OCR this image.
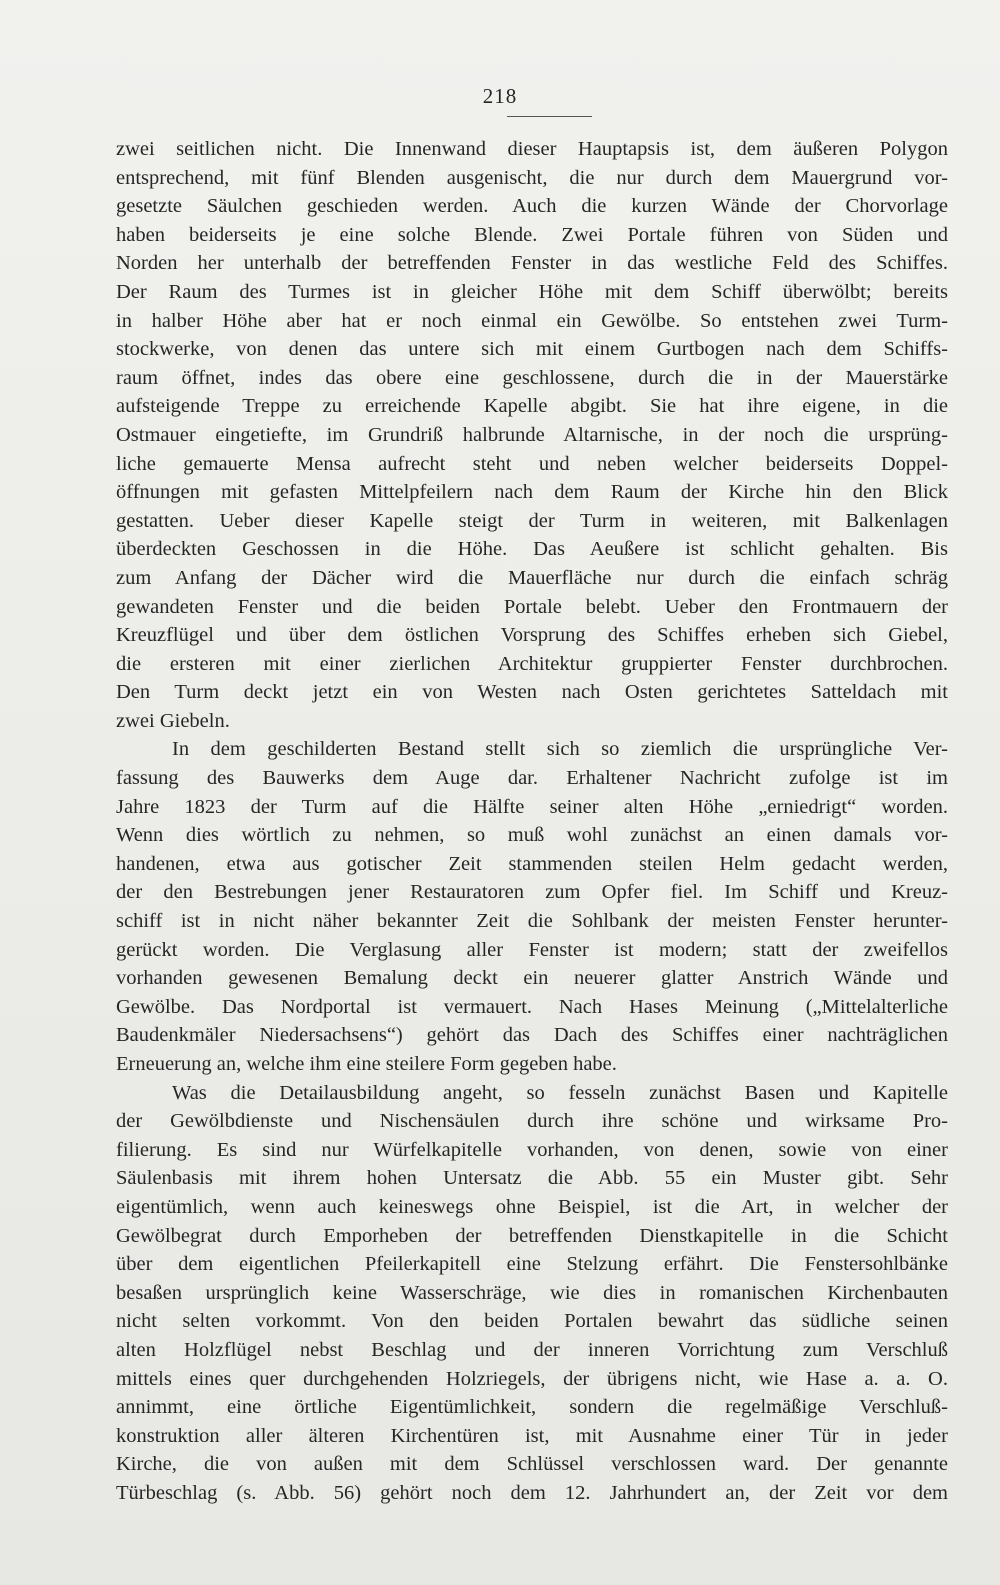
218
zwei seitlichen nicht. Die Innenwand dieser Hauptapsis ist, dem äußeren Polygon
entsprechend, mit fünf Blenden ausgenischt, die nur durch dem Mauergrund vor-
gesetzte Säulchen geschieden werden. Auch die kurzen Wände der Chorvorlage
haben beiderseits je eine solche Blende. Zwei Portale führen von Süden und
Norden her unterhalb der betreffenden Fenster in das westliche Feld des Schiffes.
Der Raum des Turmes ist in gleicher Höhe mit dem Schiff überwölbt; bereits
in halber Höhe aber hat er noch einmal ein Gewölbe. So entstehen zwei Turm-
stockwerke, von denen das untere sich mit einem Gurtbogen nach dem Schiffs-
raum öffnet, indes das obere eine geschlossene, durch die in der Mauerstärke
aufsteigende Treppe zu erreichende Kapelle abgibt. Sie hat ihre eigene, in die
Ostmauer eingetiefte, im Grundriß halbrunde Altarnische, in der noch die ursprüng-
liche gemauerte Mensa aufrecht steht und neben welcher beiderseits Doppel-
öffnungen mit gefasten Mittelpfeilern nach dem Raum der Kirche hin den Blick
gestatten. Ueber dieser Kapelle steigt der Turm in weiteren, mit Balkenlagen
überdeckten Geschossen in die Höhe. Das Aeußere ist schlicht gehalten. Bis
zum Anfang der Dächer wird die Mauerfläche nur durch die einfach schräg
gewandeten Fenster und die beiden Portale belebt. Ueber den Frontmauern der
Kreuzflügel und über dem östlichen Vorsprung des Schiffes erheben sich Giebel,
die ersteren mit einer zierlichen Architektur gruppierter Fenster durchbrochen.
Den Turm deckt jetzt ein von Westen nach Osten gerichtetes Satteldach mit
zwei Giebeln.
In dem geschilderten Bestand stellt sich so ziemlich die ursprüngliche Ver-
fassung des Bauwerks dem Auge dar. Erhaltener Nachricht zufolge ist im
Jahre 1823 der Turm auf die Hälfte seiner alten Höhe „erniedrigt“ worden.
Wenn dies wörtlich zu nehmen, so muß wohl zunächst an einen damals vor-
handenen, etwa aus gotischer Zeit stammenden steilen Helm gedacht werden,
der den Bestrebungen jener Restauratoren zum Opfer fiel. Im Schiff und Kreuz-
schiff ist in nicht näher bekannter Zeit die Sohlbank der meisten Fenster herunter-
gerückt worden. Die Verglasung aller Fenster ist modern; statt der zweifellos
vorhanden gewesenen Bemalung deckt ein neuerer glatter Anstrich Wände und
Gewölbe. Das Nordportal ist vermauert. Nach Hases Meinung („Mittelalterliche
Baudenkmäler Niedersachsens“) gehört das Dach des Schiffes einer nachträglichen
Erneuerung an, welche ihm eine steilere Form gegeben habe.
Was die Detailausbildung angeht, so fesseln zunächst Basen und Kapitelle
der Gewölbdienste und Nischensäulen durch ihre schöne und wirksame Pro-
filierung. Es sind nur Würfelkapitelle vorhanden, von denen, sowie von einer
Säulenbasis mit ihrem hohen Untersatz die Abb. 55 ein Muster gibt. Sehr
eigentümlich, wenn auch keineswegs ohne Beispiel, ist die Art, in welcher der
Gewölbegrat durch Emporheben der betreffenden Dienstkapitelle in die Schicht
über dem eigentlichen Pfeilerkapitell eine Stelzung erfährt. Die Fenstersohlbänke
besaßen ursprünglich keine Wasserschräge, wie dies in romanischen Kirchenbauten
nicht selten vorkommt. Von den beiden Portalen bewahrt das südliche seinen
alten Holzflügel nebst Beschlag und der inneren Vorrichtung zum Verschluß
mittels eines quer durchgehenden Holzriegels, der übrigens nicht, wie Hase a. a. O.
annimmt, eine örtliche Eigentümlichkeit, sondern die regelmäßige Verschluß-
konstruktion aller älteren Kirchentüren ist, mit Ausnahme einer Tür in jeder
Kirche, die von außen mit dem Schlüssel verschlossen ward. Der genannte
Türbeschlag (s. Abb. 56) gehört noch dem 12. Jahrhundert an, der Zeit vor dem
